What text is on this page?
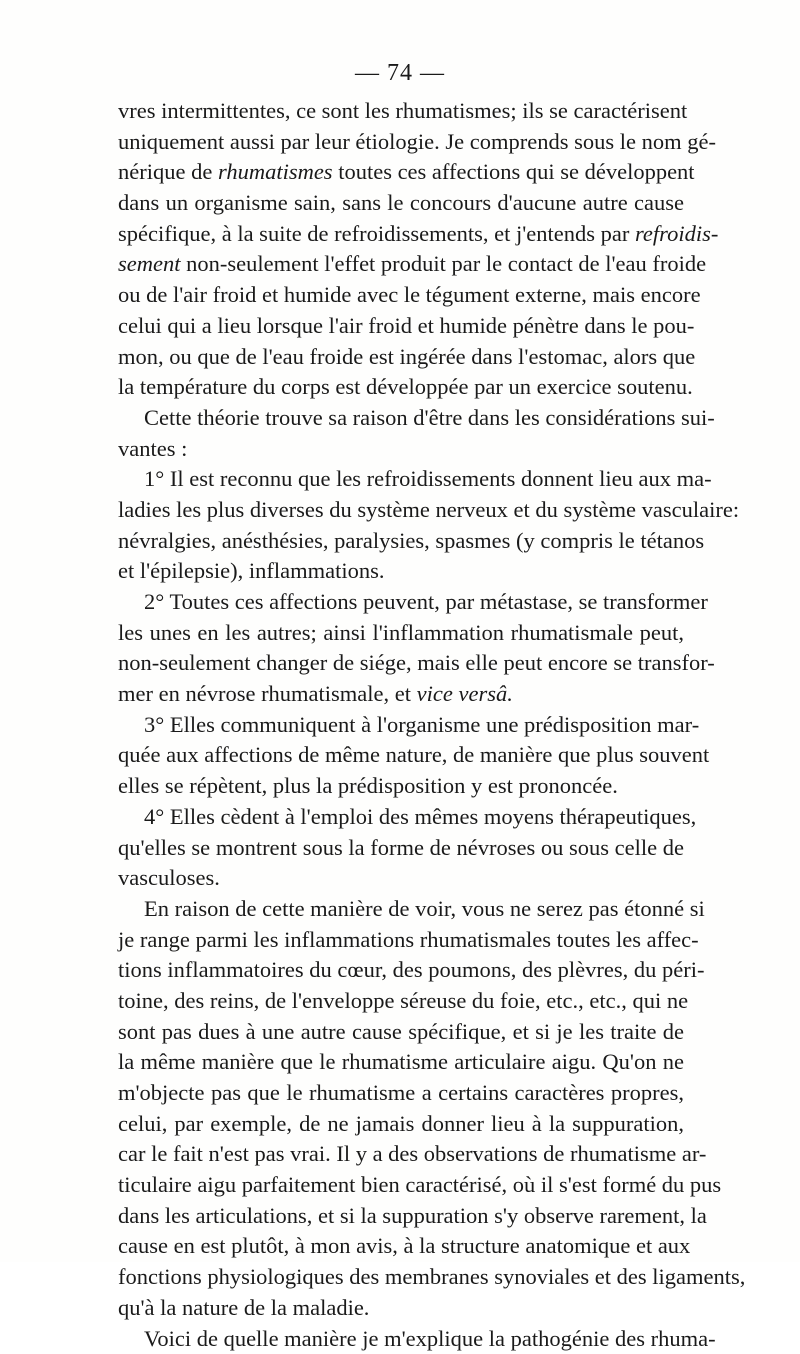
— 74 —
vres intermittentes, ce sont les rhumatismes; ils se caractérisent
uniquement aussi par leur étiologie. Je comprends sous le nom gé-
nérique de rhumatismes toutes ces affections qui se développent
dans un organisme sain, sans le concours d'aucune autre cause
spécifique, à la suite de refroidissements, et j'entends par refroidis-
sement non-seulement l'effet produit par le contact de l'eau froide
ou de l'air froid et humide avec le tégument externe, mais encore
celui qui a lieu lorsque l'air froid et humide pénètre dans le pou-
mon, ou que de l'eau froide est ingérée dans l'estomac, alors que
la température du corps est développée par un exercice soutenu.
Cette théorie trouve sa raison d'être dans les considérations sui-
vantes :
1° Il est reconnu que les refroidissements donnent lieu aux ma-
ladies les plus diverses du système nerveux et du système vasculaire:
névralgies, anésthésies, paralysies, spasmes (y compris le tétanos
et l'épilepsie), inflammations.
2° Toutes ces affections peuvent, par métastase, se transformer
les unes en les autres; ainsi l'inflammation rhumatismale peut,
non-seulement changer de siége, mais elle peut encore se transfor-
mer en névrose rhumatismale, et vice versâ.
3° Elles communiquent à l'organisme une prédisposition mar-
quée aux affections de même nature, de manière que plus souvent
elles se répètent, plus la prédisposition y est prononcée.
4° Elles cèdent à l'emploi des mêmes moyens thérapeutiques,
qu'elles se montrent sous la forme de névroses ou sous celle de
vasculoses.
En raison de cette manière de voir, vous ne serez pas étonné si
je range parmi les inflammations rhumatismales toutes les affec-
tions inflammatoires du cœur, des poumons, des plèvres, du péri-
toine, des reins, de l'enveloppe séreuse du foie, etc., etc., qui ne
sont pas dues à une autre cause spécifique, et si je les traite de
la même manière que le rhumatisme articulaire aigu. Qu'on ne
m'objecte pas que le rhumatisme a certains caractères propres,
celui, par exemple, de ne jamais donner lieu à la suppuration,
car le fait n'est pas vrai. Il y a des observations de rhumatisme ar-
ticulaire aigu parfaitement bien caractérisé, où il s'est formé du pus
dans les articulations, et si la suppuration s'y observe rarement, la
cause en est plutôt, à mon avis, à la structure anatomique et aux
fonctions physiologiques des membranes synoviales et des ligaments,
qu'à la nature de la maladie.
Voici de quelle manière je m'explique la pathogénie des rhuma-
